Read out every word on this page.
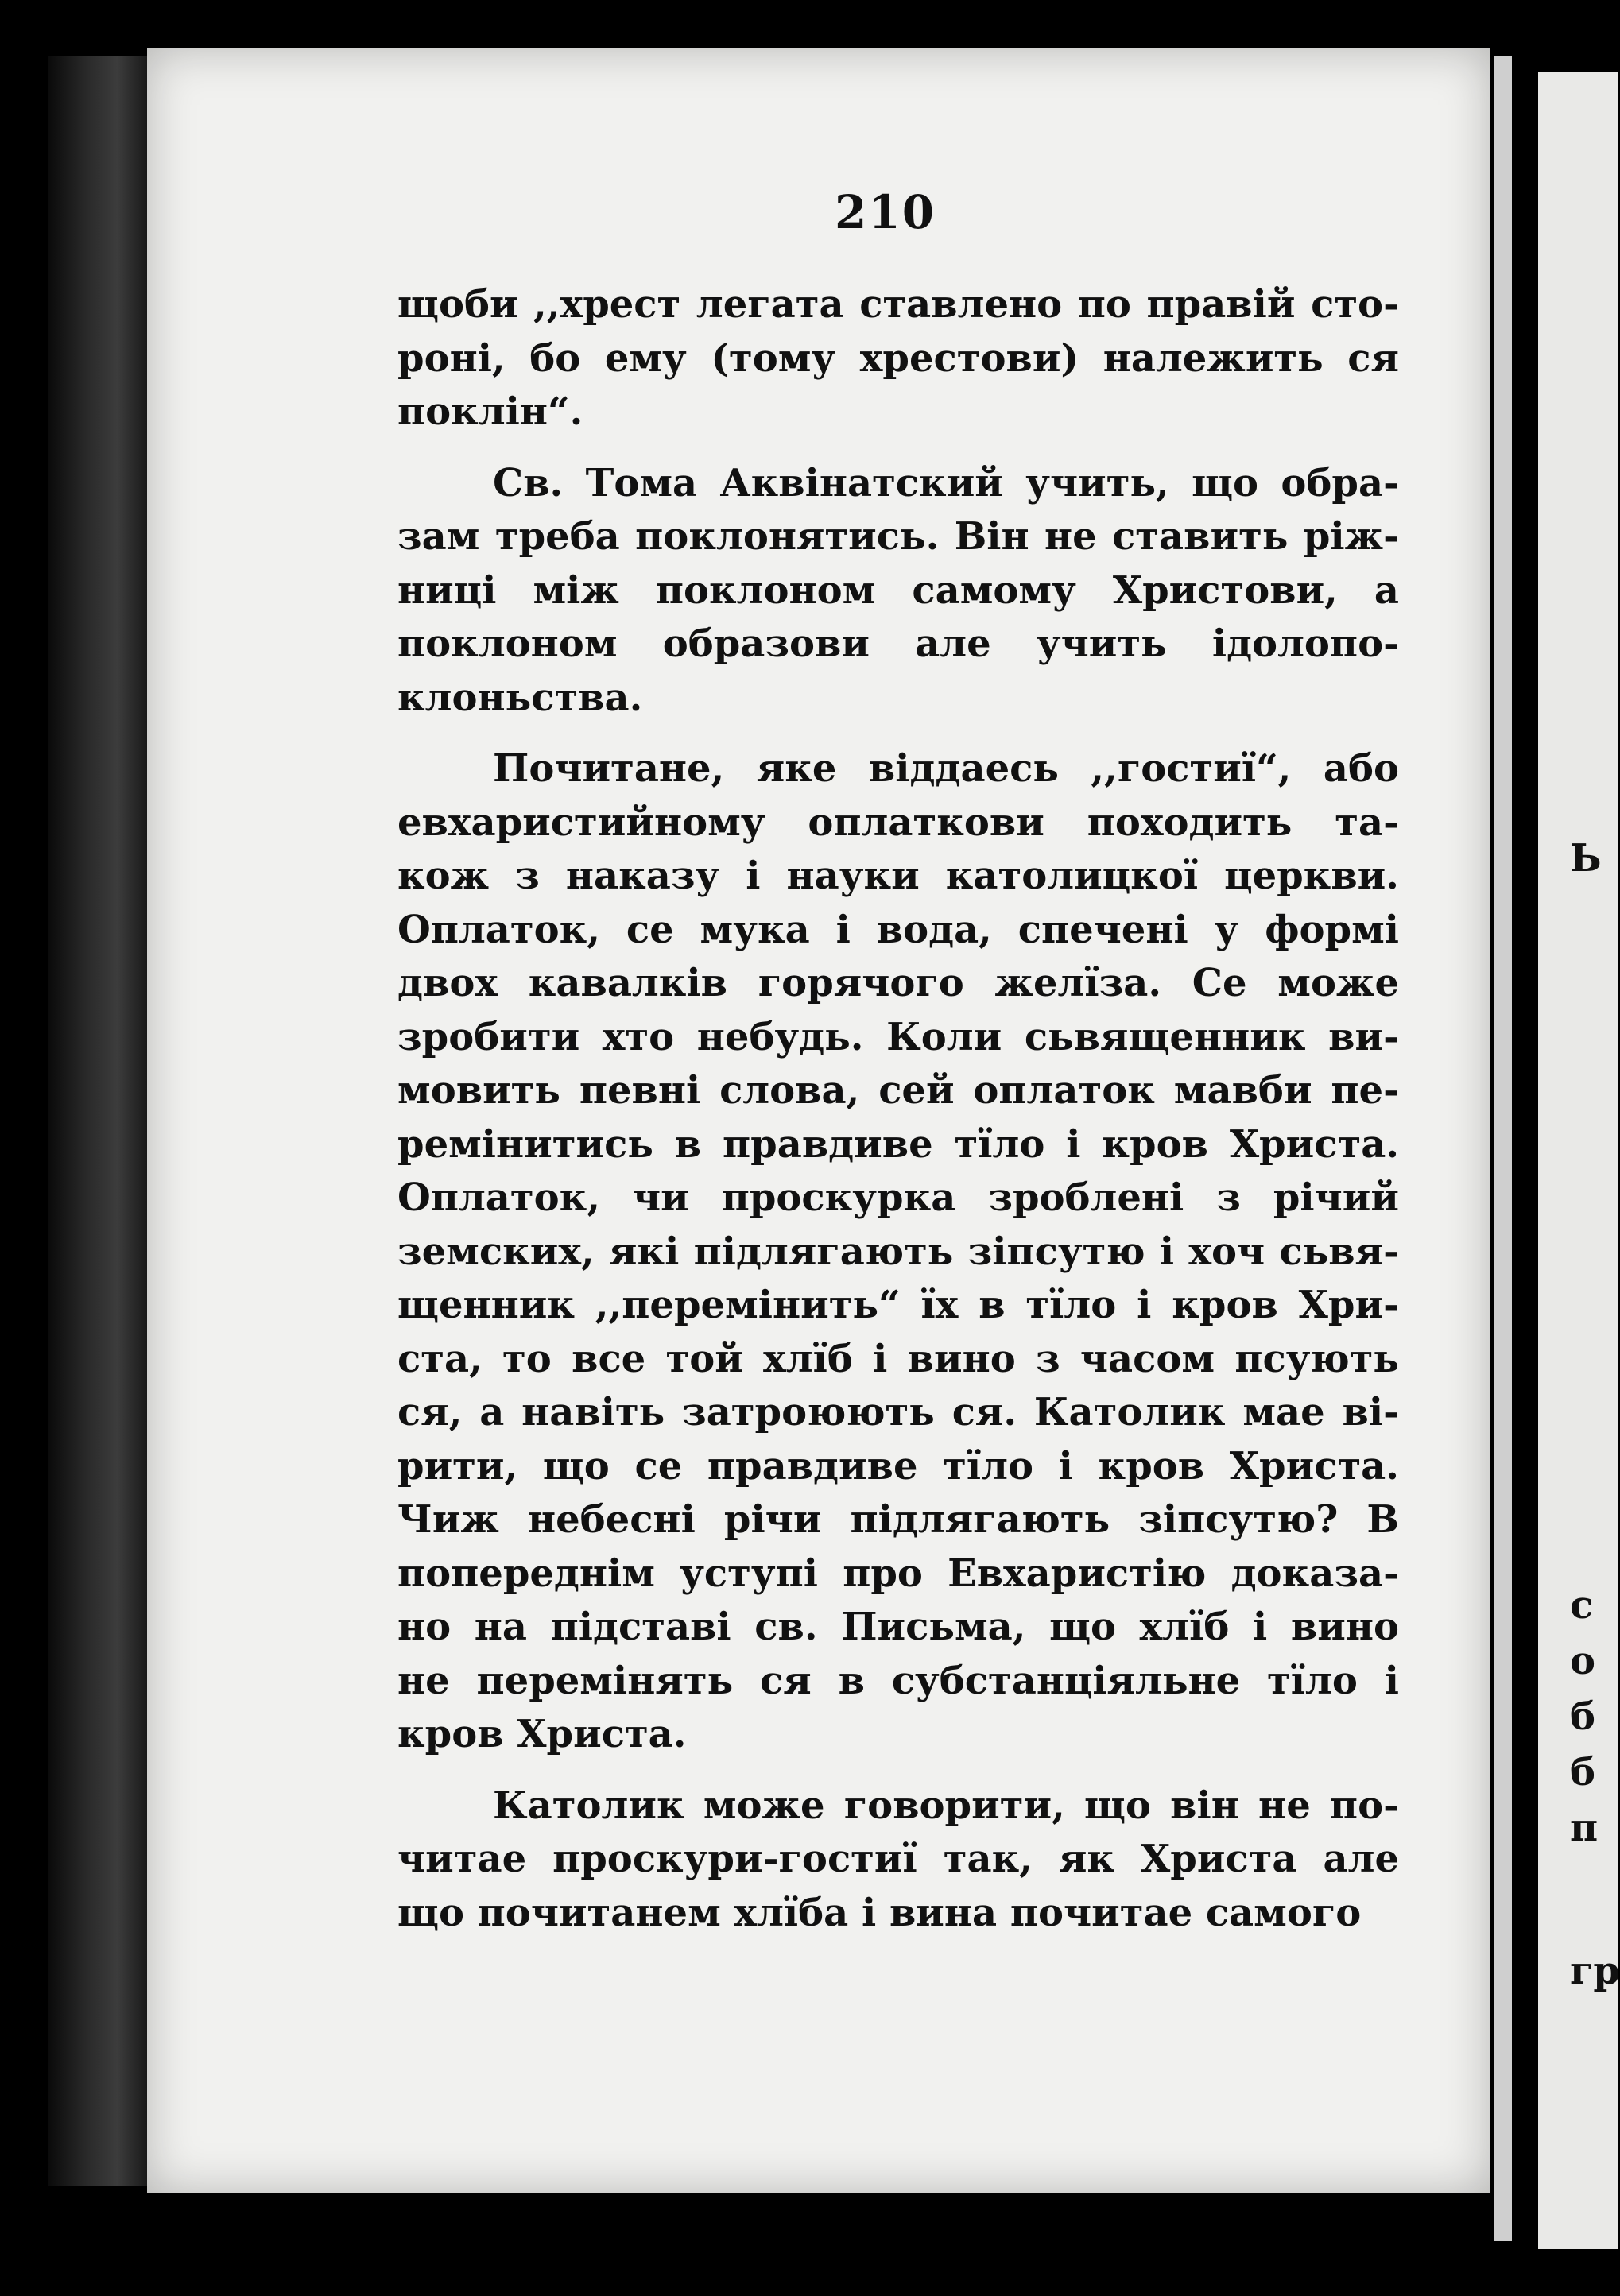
210

щоби ,,хрест легата ставлено по правій сто-
роні, бо ему (тому хрестови) належить ся
поклін“.
Св. Тома Аквінатский учить, що обра-
зам треба поклонятись. Він не ставить ріж-
ниці між поклоном самому Христови, а
поклоном образови але учить ідолопо-
клоньства.
Почитане, яке віддаесь ,,гостиї“, або
евхаристийному оплаткови походить та-
кож з наказу і науки католицкої церкви.
Оплаток, се мука і вода, спечені у формі
двох кавалків горячого желїза. Се може
зробити хто небудь. Коли сьвященник ви-
мовить певні слова, сей оплаток мавби пе-
ремінитись в правдиве тїло і кров Христа.
Оплаток, чи проскурка зроблені з річий
земских, які підлягають зіпсутю і хоч сьвя-
щенник ,,перемінить“ їх в тїло і кров Хри-
ста, то все той хлїб і вино з часом псують
ся, а навіть затроюють ся. Католик мае ві-
рити, що се правдиве тїло і кров Христа.
Чиж небесні річи підлягають зіпсутю? В
попереднім уступі про Евхаристію доказа-
но на підставі св. Письма, що хлїб і вино
не перемінять ся в субстанціяльне тїло і
кров Христа.
Католик може говорити, що він не по-
читае проскури-гостиї так, як Христа але
що почитанем хлїба і вина почитае самого
Ь
с
о
б
б
п
гр
